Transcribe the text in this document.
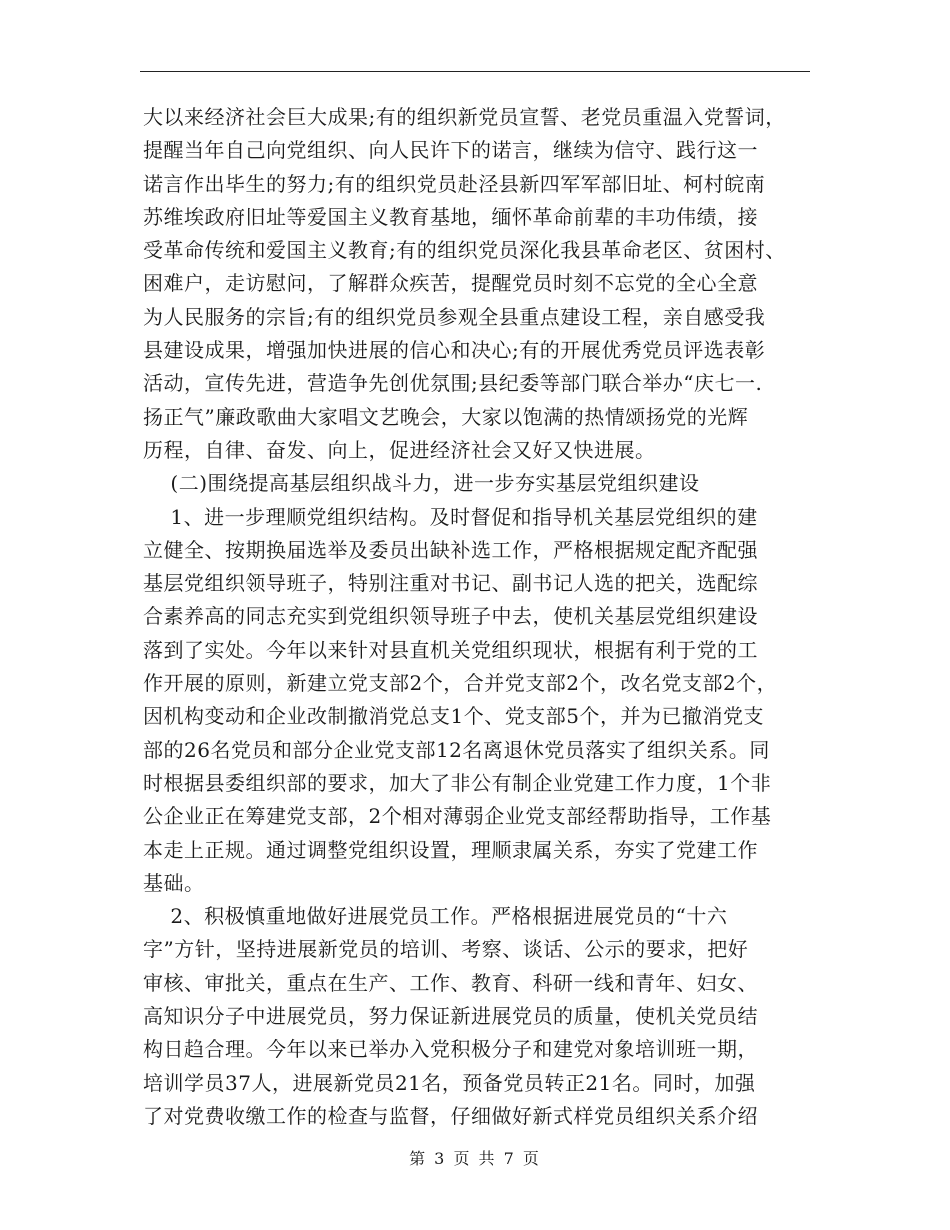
大以来经济社会巨大成果;有的组织新党员宣誓、老党员重温入党誓词，
提醒当年自己向党组织、向人民许下的诺言，继续为信守、践行这一
诺言作出毕生的努力;有的组织党员赴泾县新四军军部旧址、柯村皖南
苏维埃政府旧址等爱国主义教育基地，缅怀革命前辈的丰功伟绩，接
受革命传统和爱国主义教育;有的组织党员深化我县革命老区、贫困村、
困难户，走访慰问，了解群众疾苦，提醒党员时刻不忘党的全心全意
为人民服务的宗旨;有的组织党员参观全县重点建设工程，亲自感受我
县建设成果，增强加快进展的信心和决心;有的开展优秀党员评选表彰
活动，宣传先进，营造争先创优氛围;县纪委等部门联合举办“庆七一.
扬正气”廉政歌曲大家唱文艺晚会，大家以饱满的热情颂扬党的光辉
历程，自律、奋发、向上，促进经济社会又好又快进展。
(二)围绕提高基层组织战斗力，进一步夯实基层党组织建设
1、进一步理顺党组织结构。及时督促和指导机关基层党组织的建
立健全、按期换届选举及委员出缺补选工作，严格根据规定配齐配强
基层党组织领导班子，特别注重对书记、副书记人选的把关，选配综
合素养高的同志充实到党组织领导班子中去，使机关基层党组织建设
落到了实处。今年以来针对县直机关党组织现状，根据有利于党的工
作开展的原则，新建立党支部2个，合并党支部2个，改名党支部2个，
因机构变动和企业改制撤消党总支1个、党支部5个，并为已撤消党支
部的26名党员和部分企业党支部12名离退休党员落实了组织关系。同
时根据县委组织部的要求，加大了非公有制企业党建工作力度，1个非
公企业正在筹建党支部，2个相对薄弱企业党支部经帮助指导，工作基
本走上正规。通过调整党组织设置，理顺隶属关系，夯实了党建工作
基础。
2、积极慎重地做好进展党员工作。严格根据进展党员的“十六
字”方针，坚持进展新党员的培训、考察、谈话、公示的要求，把好
审核、审批关，重点在生产、工作、教育、科研一线和青年、妇女、
高知识分子中进展党员，努力保证新进展党员的质量，使机关党员结
构日趋合理。今年以来已举办入党积极分子和建党对象培训班一期，
培训学员37人，进展新党员21名，预备党员转正21名。同时，加强
了对党费收缴工作的检查与监督，仔细做好新式样党员组织关系介绍
第 3 页 共 7 页
